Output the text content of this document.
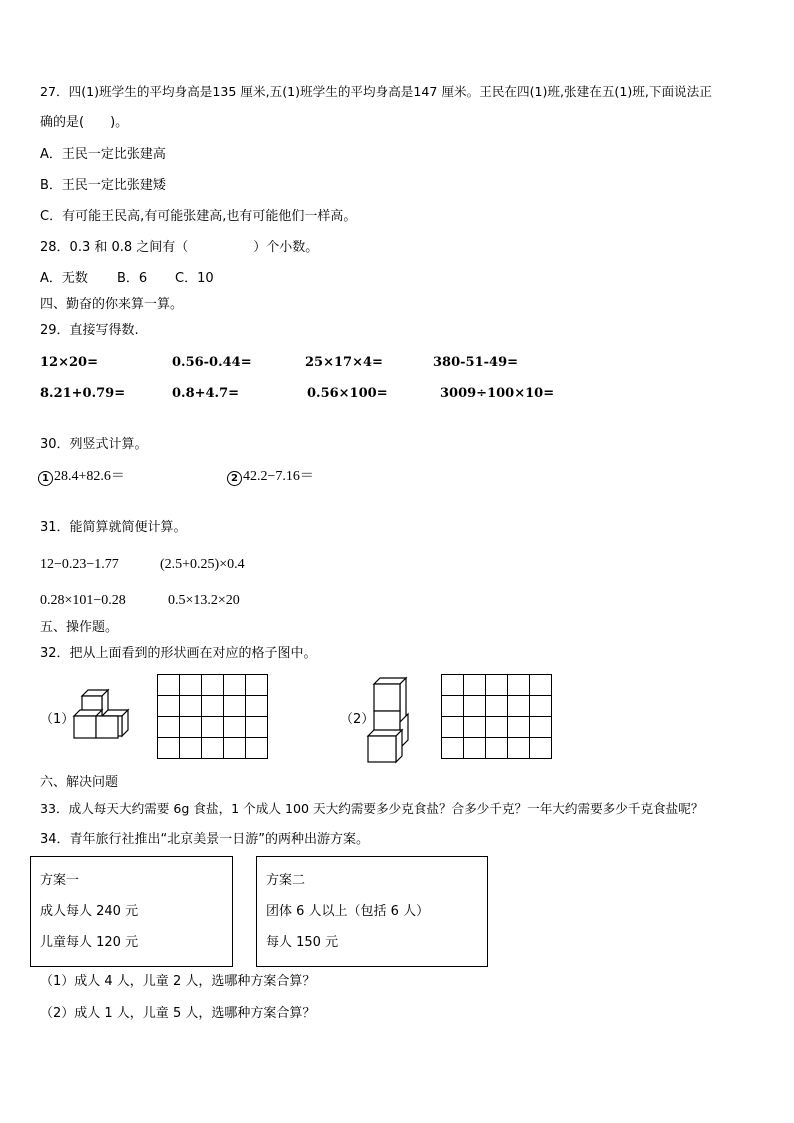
27．四(1)班学生的平均身高是135 厘米,五(1)班学生的平均身高是147 厘米。王民在四(1)班,张建在五(1)班,下面说法正
确的是(　　)。
A．王民一定比张建高
B．王民一定比张建矮
C．有可能王民高,有可能张建高,也有可能他们一样高。
28．0.3 和 0.8 之间有（　　　　　）个小数。
A．无数 B．6 C．10
四、勤奋的你来算一算。
29．直接写得数.
12×20=	0.56-0.44=	25×17×4=	380-51-49=
8.21+0.79=	0.8+4.7=	0.56×100=	3009÷100×10=
30．列竖式计算。
1 28.4+82.6＝	2 42.2−7.16＝
31．能简算就简便计算。
12−0.23−1.77	(2.5+0.25)×0.4
0.28×101−0.28	0.5×13.2×20
五、操作题。
32．把从上面看到的形状画在对应的格子图中。
（1）

					（2）

六、解决问题
33．成人每天大约需要 6g 食盐，1 个成人 100 天大约需要多少克食盐？合多少千克？一年大约需要多少千克食盐呢？
34．青年旅行社推出“北京美景一日游”的两种出游方案。
方案一
成人每人 240 元
儿童每人 120 元
方案二
团体 6 人以上（包括 6 人）
每人 150 元
（1）成人 4 人，儿童 2 人，选哪种方案合算？
（2）成人 1 人，儿童 5 人，选哪种方案合算？
